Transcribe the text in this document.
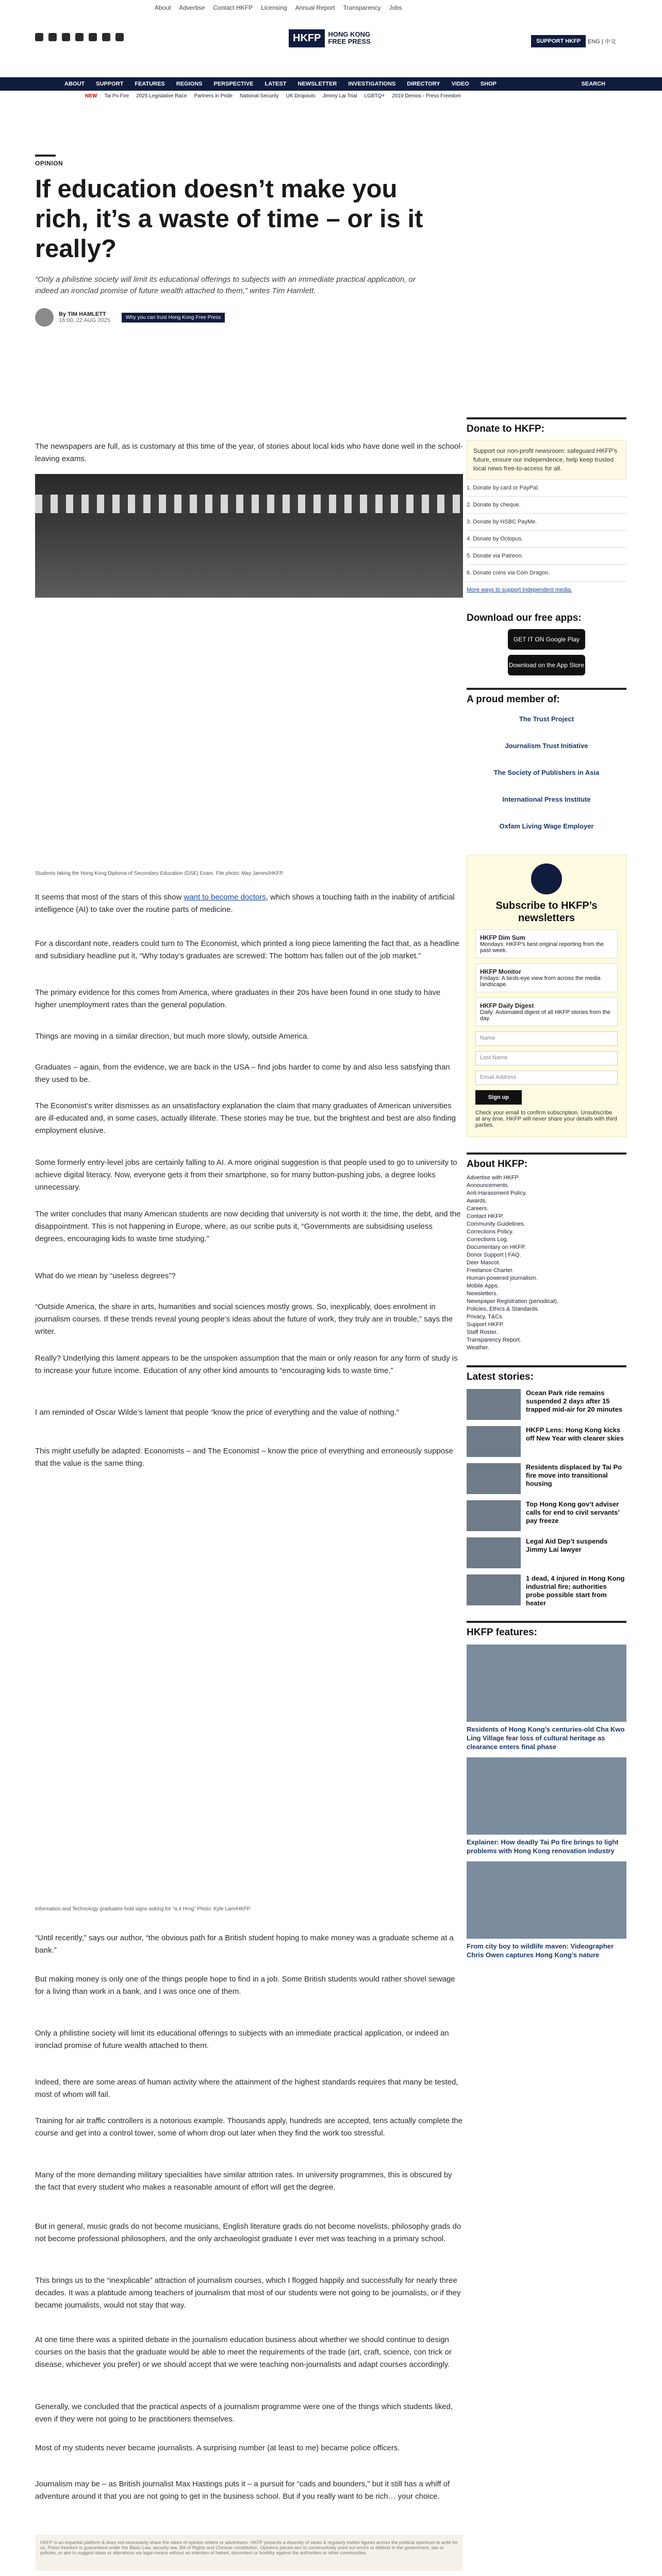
About Advertise Contact HKFP Licensing Annual Report Transparency Jobs
HKFP	HONG KONG FREE PRESS	SUPPORT HKFP	ENG | 中文
ABOUT SUPPORT FEATURES REGIONS PERSPECTIVE LATEST NEWSLETTER INVESTIGATIONS DIRECTORY VIDEO SHOP	SEARCH
NEW Tai Po Fire 2025 Legislative Race Partners in Pride National Security UK Dropouts Jimmy Lai Trial LGBTQ+ 2019 Demos - Press Freedom
OPINION
If education doesn’t make you rich, it’s a waste of time – or is it really?

“Only a philistine society will limit its educational offerings to subjects with an immediate practical application, or indeed an ironclad promise of future wealth attached to them,” writes Tim Hamlett.

By TIM HAMLETT
16:00, 22 AUG 2025	Why you can trust Hong Kong Free Press

The newspapers are full, as is customary at this time of the year, of stories about local kids who have done well in the school-leaving exams.

Students taking the Hong Kong Diploma of Secondary Education (DSE) Exam. File photo: May James/HKFP.

It seems that most of the stars of this show want to become doctors, which shows a touching faith in the inability of artificial intelligence (AI) to take over the routine parts of medicine.

For a discordant note, readers could turn to The Economist, which printed a long piece lamenting the fact that, as a headline and subsidiary headline put it, “Why today’s graduates are screwed: The bottom has fallen out of the job market.”

The primary evidence for this comes from America, where graduates in their 20s have been found in one study to have higher unemployment rates than the general population.

Things are moving in a similar direction, but much more slowly, outside America.

Graduates – again, from the evidence, we are back in the USA – find jobs harder to come by and also less satisfying than they used to be.

The Economist’s writer dismisses as an unsatisfactory explanation the claim that many graduates of American universities are ill-educated and, in some cases, actually illiterate. These stories may be true, but the brightest and best are also finding employment elusive.

Some formerly entry-level jobs are certainly falling to AI. A more original suggestion is that people used to go to university to achieve digital literacy. Now, everyone gets it from their smartphone, so for many button-pushing jobs, a degree looks unnecessary.

The writer concludes that many American students are now deciding that university is not worth it: the time, the debt, and the disappointment. This is not happening in Europe, where, as our scribe puts it, “Governments are subsidising useless degrees, encouraging kids to waste time studying.”

What do we mean by “useless degrees”?

“Outside America, the share in arts, humanities and social sciences mostly grows. So, inexplicably, does enrolment in journalism courses. If these trends reveal young people’s ideas about the future of work, they truly are in trouble,” says the writer.

Really? Underlying this lament appears to be the unspoken assumption that the main or only reason for any form of study is to increase your future income. Education of any other kind amounts to “encouraging kids to waste time.”

I am reminded of Oscar Wilde’s lament that people “know the price of everything and the value of nothing.”

This might usefully be adapted: Economists – and The Economist – know the price of everything and erroneously suppose that the value is the same thing.

Information and Technology graduates hold signs asking for “a 4 Hrng” Photo: Kyle Lam/HKFP.

“Until recently,” says our author, “the obvious path for a British student hoping to make money was a graduate scheme at a bank.”

But making money is only one of the things people hope to find in a job. Some British students would rather shovel sewage for a living than work in a bank, and I was once one of them.

Only a philistine society will limit its educational offerings to subjects with an immediate practical application, or indeed an ironclad promise of future wealth attached to them.

Indeed, there are some areas of human activity where the attainment of the highest standards requires that many be tested, most of whom will fail.

Training for air traffic controllers is a notorious example. Thousands apply, hundreds are accepted, tens actually complete the course and get into a control tower, some of whom drop out later when they find the work too stressful.

Many of the more demanding military specialities have similar attrition rates. In university programmes, this is obscured by the fact that every student who makes a reasonable amount of effort will get the degree.

But in general, music grads do not become musicians, English literature grads do not become novelists, philosophy grads do not become professional philosophers, and the only archaeologist graduate I ever met was teaching in a primary school.

This brings us to the “inexplicable” attraction of journalism courses, which I flogged happily and successfully for nearly three decades. It was a platitude among teachers of journalism that most of our students were not going to be journalists, or if they became journalists, would not stay that way.

At one time there was a spirited debate in the journalism education business about whether we should continue to design courses on the basis that the graduate would be able to meet the requirements of the trade (art, craft, science, con trick or disease, whichever you prefer) or we should accept that we were teaching non-journalists and adapt courses accordingly.

Generally, we concluded that the practical aspects of a journalism programme were one of the things which students liked, even if they were not going to be practitioners themselves.

Most of my students never became journalists. A surprising number (at least to me) became police officers.

Journalism may be – as British journalist Max Hastings puts it – a pursuit for “cads and bounders,” but it still has a whiff of adventure around it that you are not going to get in the business school. But if you really want to be rich… your choice.

HKFP is an impartial platform & does not necessarily share the views of opinion writers or advertisers. HKFP presents a diversity of views & regularly invites figures across the political spectrum to write for us. Press freedom is guaranteed under the Basic Law, security law, Bill of Rights and Chinese constitution. Opinions pieces aim to constructively point out errors or defects in the government, law or policies, or aim to suggest ideas or alterations via legal means without an intention of hatred, discontent or hostility against the authorities or other communities.

Donate to HKFP:
Support our non-profit newsroom: safeguard HKFP’s future, ensure our independence, help keep trusted local news free-to-access for all.
1. Donate by card or PayPal.
2. Donate by cheque.
3. Donate by HSBC PayMe.
4. Donate by Octopus.
5. Donate via Patreon.
6. Donate coins via Coin Dragon.
More ways to support independent media.
Download our free apps:
GET IT ON Google Play
Download on the App Store
A proud member of:
The Trust Project
Journalism Trust Initiative
The Society of Publishers in Asia
International Press Institute
Oxfam Living Wage Employer
Subscribe to HKFP’s newsletters
HKFP Dim Sum
Mondays: HKFP’s best original reporting from the past week.
HKFP Monitor
Fridays: A birds-eye view from across the media landscape.
HKFP Daily Digest
Daily: Automated digest of all HKFP stories from the day.
Name
Last Name
Email Address
Sign up

Check your email to confirm subscription. Unsubscribe at any time. HKFP will never share your details with third parties.

About HKFP:
Advertise with HKFP.
Announcements.
Anti-Harassment Policy.
Awards.
Careers.
Contact HKFP.
Community Guidelines.
Corrections Policy.
Corrections Log.
Documentary on HKFP.
Donor Support | FAQ.
Deer Mascot.
Freelance Charter.
Human-powered journalism.
Mobile Apps.
Newsletters.
Newspaper Registration (periodical).
Policies, Ethics & Standards.
Privacy, T&Cs.
Support HKFP.
Staff Roster.
Transparency Report.
Weather.
Latest stories:
Ocean Park ride remains suspended 2 days after 15 trapped mid-air for 20 minutes
HKFP Lens: Hong Kong kicks off New Year with clearer skies
Residents displaced by Tai Po fire move into transitional housing
Top Hong Kong gov’t adviser calls for end to civil servants’ pay freeze
Legal Aid Dep’t suspends Jimmy Lai lawyer
1 dead, 4 injured in Hong Kong industrial fire; authorities probe possible start from heater
HKFP features:
Residents of Hong Kong’s centuries-old Cha Kwo Ling Village fear loss of cultural heritage as clearance enters final phase
Explainer: How deadly Tai Po fire brings to light problems with Hong Kong renovation industry
From city boy to wildlife maven: Videographer Chris Owen captures Hong Kong’s nature
